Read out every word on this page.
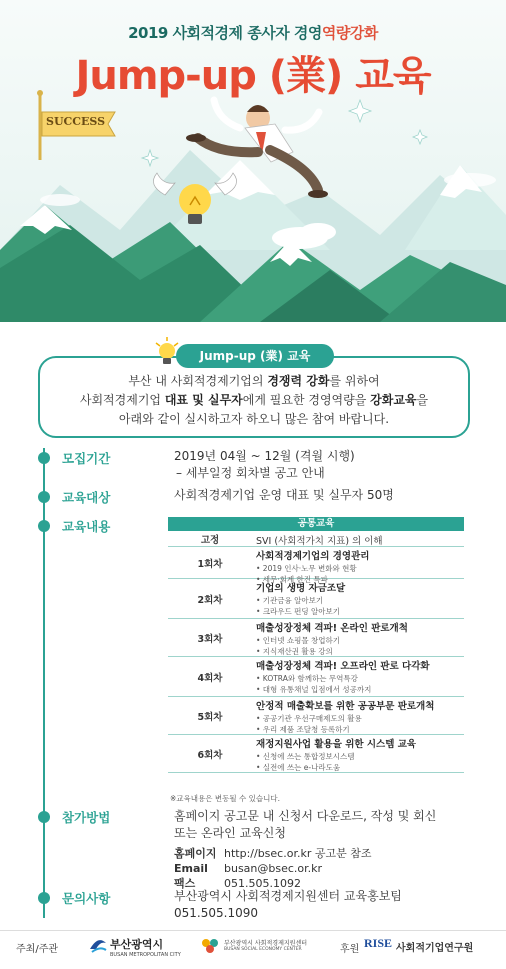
2019 사회적경제 종사자 경영역량강화
Jump-up (業) 교육
SUCCESS
부산 내 사회적경제기업의 경쟁력 강화를 위하여
사회적경제기업 대표 및 실무자에게 필요한 경영역량을 강화교육을
아래와 같이 실시하고자 하오니 많은 참여 바랍니다.
Jump-up (業) 교육
모집기간	2019년 04월 ~ 12월 (격월 시행)
– 세부일정 회차별 공고 안내
교육대상	사회적경제기업 운영 대표 및 실무자 50명
교육내용	공통교육
고정	SVI (사회적가치 지표) 의 이해
1회차
사회적경제기업의 경영관리
• 2019 인사·노무 변화와 현황
• 세무·회계 한진 특파
2회차
기업의 생명 자금조달
• 기관금융 알아보기
• 크라우드 펀딩 알아보기
3회차
매출성장정체 격파! 온라인 판로개척
• 인터넷 쇼핑몰 창업하기
• 지식재산권 활용 강의
4회차
매출성장정체 격파! 오프라인 판로 다각화
• KOTRA와 함께하는 무역특강
• 대형 유통채널 입점에서 성공까지
5회차
안정적 매출확보를 위한 공공부문 판로개척
• 공공기관 우선구매제도의 활용
• 우리 제품 조달청 등록하기
6회차
재정지원사업 활용을 위한 시스템 교육
• 신청에 쓰는 통합정보시스템
• 실전에 쓰는 e-나라도움
※교육내용은 변동될 수 있습니다.
참가방법	홈페이지 공고문 내 신청서 다운로드, 작성 및 회신
또는 온라인 교육신청
홈페이지 http://bsec.or.kr 공고분 참조
Email busan@bsec.or.kr
팩스	051.505.1092
문의사항	부산광역시 사회적경제지원센터 교육홍보팀
051.505.1090
주최/주관	부산광역시
BUSAN METROPOLITAN CITY
부산광역시 사회적경제지원센터
BUSAN SOCIAL ECONOMY CENTER	후원 RISE 사회적기업연구원
